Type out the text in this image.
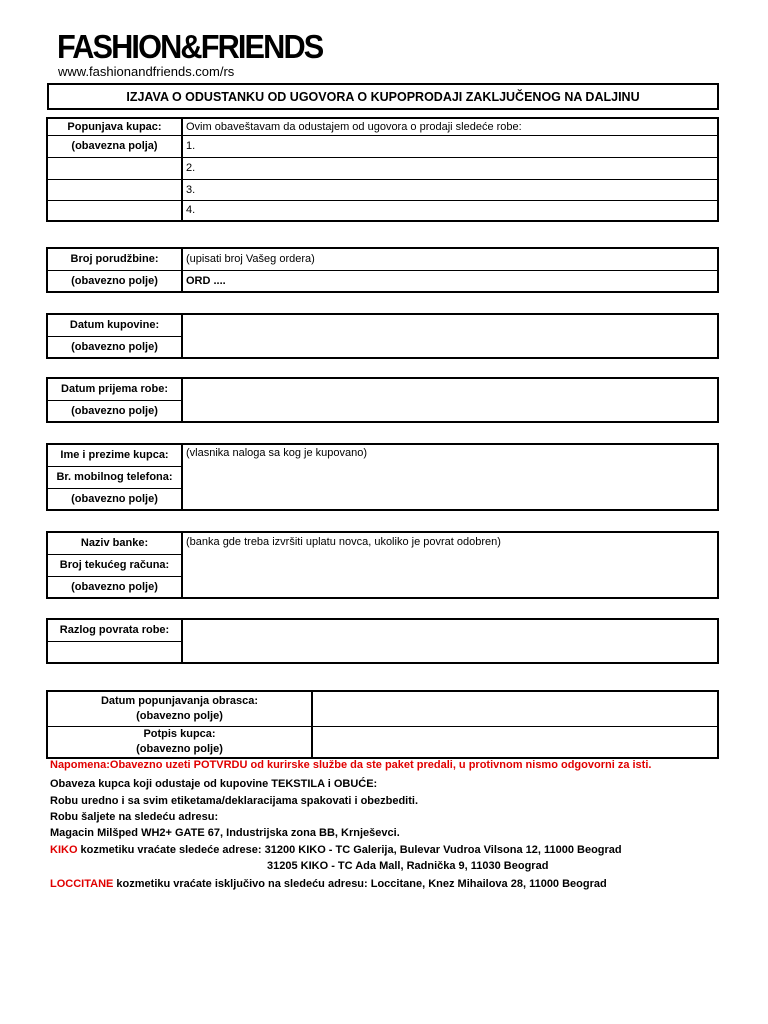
FASHION&FRIENDS
www.fashionandfriends.com/rs
IZJAVA O ODUSTANKU OD UGOVORA O KUPOPRODAJI ZAKLJUČENOG NA DALJINU
Popunjava kupac:	Ovim obaveštavam da odustajem od ugovora o prodaji sledeće robe:
(obavezna polja)	1.
	2.
	3.
	4.
Broj porudžbine:	(upisati broj Vašeg ordera)
(obavezno polje)	ORD ....
Datum kupovine:	
(obavezno polje)
Datum prijema robe:	
(obavezno polje)
Ime i prezime kupca:	(vlasnika naloga sa kog je kupovano)
Br. mobilnog telefona:
(obavezno polje)
Naziv banke:	(banka gde treba izvršiti uplatu novca, ukoliko je povrat odobren)
Broj tekućeg računa:
(obavezno polje)
Razlog povrata robe:	

Datum popunjavanja obrasca:
(obavezno polje)	

Potpis kupca:
(obavezno polje)	

Napomena:Obavezno uzeti POTVRDU od kurirske službe da ste paket predali, u protivnom nismo odgovorni za isti.
Obaveza kupca koji odustaje od kupovine TEKSTILA i OBUĆE:
Robu uredno i sa svim etiketama/deklaracijama spakovati i obezbediti.
Robu šaljete na sledeću adresu:
Magacin Milšped WH2+ GATE 67, Industrijska zona BB, Krnješevci.
KIKO kozmetiku vraćate sledeće adrese: 31200 KIKO - TC Galerija, Bulevar Vudroa Vilsona 12, 11000 Beograd
31205 KIKO - TC Ada Mall, Radnička 9, 11030 Beograd
LOCCITANE kozmetiku vraćate isključivo na sledeću adresu: Loccitane, Knez Mihailova 28, 11000 Beograd
